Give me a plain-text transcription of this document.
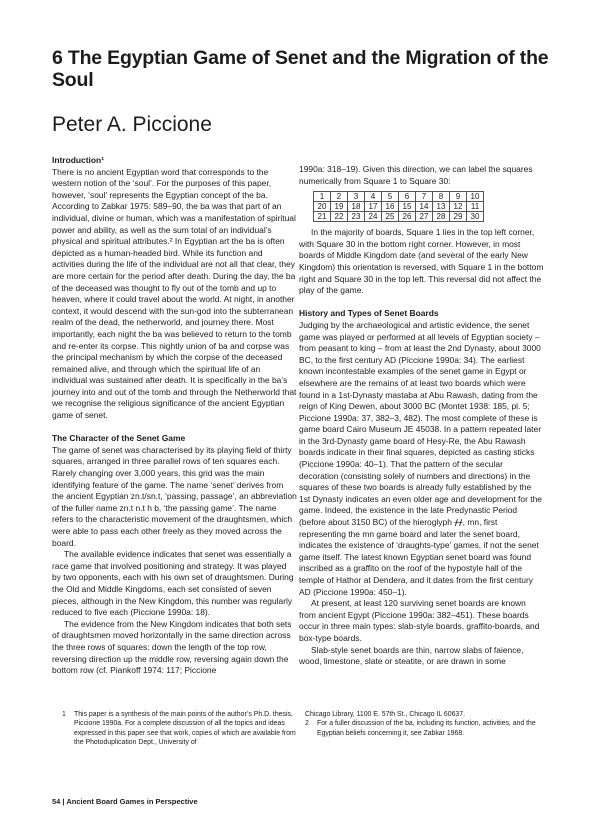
6 The Egyptian Game of Senet and the Migration of the Soul
Peter A. Piccione
Introduction¹

There is no ancient Egyptian word that corresponds to the western notion of the ‘soul’. For the purposes of this paper, however, ‘soul’ represents the Egyptian concept of the ba. According to Zabkar 1975: 589–90, the ba was that part of an individual, divine or human, which was a manifestation of spiritual power and ability, as well as the sum total of an individual’s physical and spiritual attributes.² In Egyptian art the ba is often depicted as a human-headed bird. While its function and activities during the life of the individual are not all that clear, they are more certain for the period after death. During the day, the ba of the deceased was thought to fly out of the tomb and up to heaven, where it could travel about the world. At night, in another context, it would descend with the sun-god into the subterranean realm of the dead, the netherworld, and journey there. Most importantly, each night the ba was believed to return to the tomb and re-enter its corpse. This nightly union of ba and corpse was the principal mechanism by which the corpse of the deceased remained alive, and through which the spiritual life of an individual was sustained after death. It is specifically in the ba’s journey into and out of the tomb and through the Netherworld that we recognise the religious significance of the ancient Egyptian game of senet.

The Character of the Senet Game

The game of senet was characterised by its playing field of thirty squares, arranged in three parallel rows of ten squares each. Rarely changing over 3,000 years, this grid was the main identifying feature of the game. The name ‘senet’ derives from the ancient Egyptian zn.t/sn.t, ‘passing, passage’, an abbreviation of the fuller name zn.t n.t h b, ‘the passing game’. The name refers to the characteristic movement of the draughtsmen, which were able to pass each other freely as they moved across the board.

The available evidence indicates that senet was essentially a race game that involved positioning and strategy. It was played by two opponents, each with his own set of draughtsmen. During the Old and Middle Kingdoms, each set consisted of seven pieces, although in the New Kingdom, this number was regularly reduced to five each (Piccione 1990a: 18).

The evidence from the New Kingdom indicates that both sets of draughtsmen moved horizontally in the same direction across the three rows of squares: down the length of the top row, reversing direction up the middle row, reversing again down the bottom row (cf. Piankoff 1974: 117; Piccione

1990a: 318–19). Given this direction, we can label the squares numerically from Square 1 to Square 30:

1	2	3	4	5	6	7	8	9	10
20	19	18	17	16	15	14	13	12	11
21	22	23	24	25	26	27	28	29	30

In the majority of boards, Square 1 lies in the top left corner, with Square 30 in the bottom right corner. However, in most boards of Middle Kingdom date (and several of the early New Kingdom) this orientation is reversed, with Square 1 in the bottom right and Square 30 in the top left. This reversal did not affect the play of the game.

History and Types of Senet Boards

Judging by the archaeological and artistic evidence, the senet game was played or performed at all levels of Egyptian society – from peasant to king – from at least the 2nd Dynasty, about 3000 BC, to the first century AD (Piccione 1990a: 34). The earliest known incontestable examples of the senet game in Egypt or elsewhere are the remains of at least two boards which were found in a 1st-Dynasty mastaba at Abu Rawash, dating from the reign of King Dewen, about 3000 BC (Montet 1938: 185, pl. 5; Piccione 1990a: 37, 382–3, 482). The most complete of these is game board Cairo Museum JE 45038. In a pattern repeated later in the 3rd-Dynasty game board of Hesy-Re, the Abu Rawash boards indicate in their final squares, depicted as casting sticks (Piccione 1990a: 40–1). That the pattern of the secular decoration (consisting solely of numbers and directions) in the squares of these two boards is already fully established by the 1st Dynasty indicates an even older age and development for the game. Indeed, the existence in the late Predynastic Period (before about 3150 BC) of the hieroglyph ᚋᚋ, mn, first representing the mn game board and later the senet board, indicates the existence of ‘draughts-type’ games, if not the senet game itself. The latest known Egyptian senet board was found inscribed as a graffito on the roof of the hypostyle hall of the temple of Hathor at Dendera, and it dates from the first century AD (Piccione 1990a: 450–1).

At present, at least 120 surviving senet boards are known from ancient Egypt (Piccione 1990a: 382–451). These boards occur in three main types: slab-style boards, graffito-boards, and box-type boards.

Slab-style senet boards are thin, narrow slabs of faience, wood, limestone, slate or steatite, or are drawn in some

1	This paper is a synthesis of the main points of the author’s Ph.D. thesis, Piccione 1990a. For a complete discussion of all the topics and ideas expressed in this paper see that work, copies of which are available from the Photoduplication Dept., University of

Chicago Library, 1100 E. 57th St., Chicago IL 60637.

2	For a fuller discussion of the ba, including its function, activities, and the Egyptian beliefs concerning it, see Zabkar 1968.
54 | Ancient Board Games in Perspective
